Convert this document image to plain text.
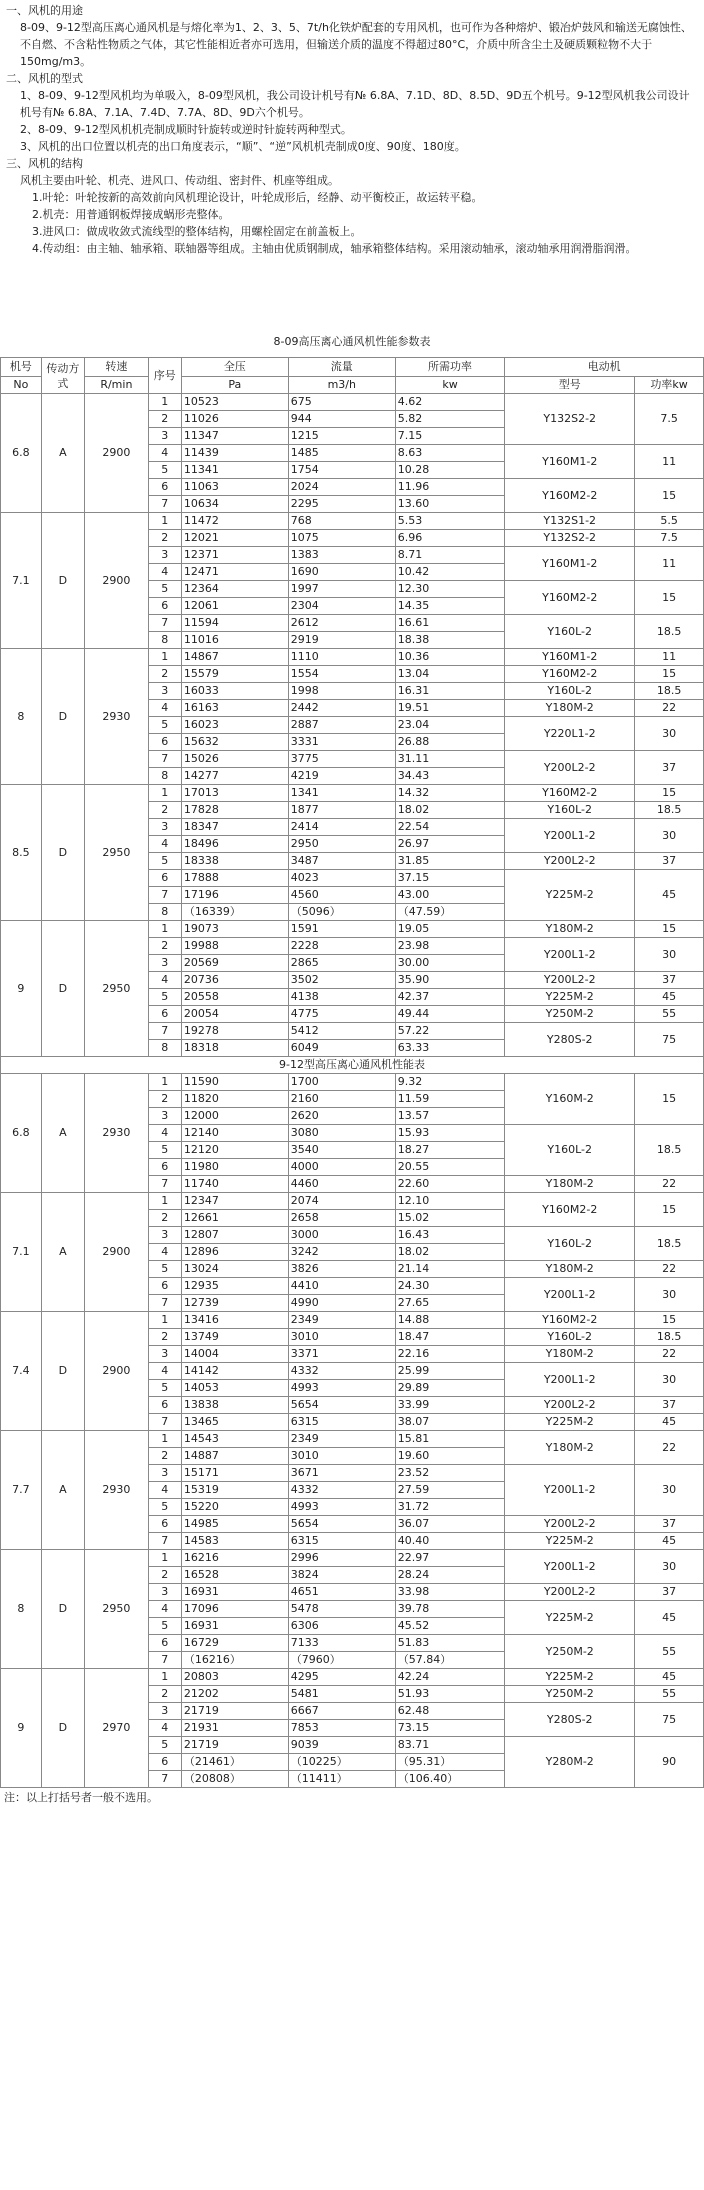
一、风机的用途

8-09、9-12型高压离心通风机是与熔化率为1、2、3、5、7t/h化铁炉配套的专用风机，也可作为各种熔炉、锻冶炉鼓风和输送无腐蚀性、不自燃、不含粘性物质之气体，其它性能相近者亦可选用，但输送介质的温度不得超过80°C，介质中所含尘土及硬质颗粒物不大于150mg/m3。

二、风机的型式

1、8-09、9-12型风机均为单吸入，8-09型风机，我公司设计机号有№ 6.8A、7.1D、8D、8.5D、9D五个机号。9-12型风机我公司设计机号有№ 6.8A、7.1A、7.4D、7.7A、8D、9D六个机号。

2、8-09、9-12型风机机壳制成顺时针旋转或逆时针旋转两种型式。

3、风机的出口位置以机壳的出口角度表示，“顺”、“逆”风机机壳制成0度、90度、180度。

三、风机的结构

风机主要由叶轮、机壳、进风口、传动组、密封件、机座等组成。

1.叶轮：叶轮按新的高效前向风机理论设计，叶轮成形后，经静、动平衡校正，故运转平稳。

2.机壳：用普通钢板焊接成蜗形壳整体。

3.进风口：做成收敛式流线型的整体结构，用螺栓固定在前盖板上。

4.传动组：由主轴、轴承箱、联轴器等组成。主轴由优质钢制成，轴承箱整体结构。采用滚动轴承，滚动轴承用润滑脂润滑。

8-09高压离心通风机性能参数表
机号	传动方式	转速	序号	全压	流量	所需功率	电动机	
No		R/min		Pa	m3/h	kw	型号	功率kw
6.8	A	2900	1	10523	675	4.62	Y132S2-2	7.5
			2	11026	944	5.82		
			3	11347	1215	7.15		
			4	11439	1485	8.63	Y160M1-2	11
			5	11341	1754	10.28		
			6	11063	2024	11.96	Y160M2-2	15
			7	10634	2295	13.60		
7.1	D	2900	1	11472	768	5.53	Y132S1-2	5.5
			2	12021	1075	6.96	Y132S2-2	7.5
			3	12371	1383	8.71	Y160M1-2	11
			4	12471	1690	10.42		
			5	12364	1997	12.30	Y160M2-2	15
			6	12061	2304	14.35		
			7	11594	2612	16.61	Y160L-2	18.5
			8	11016	2919	18.38		
8	D	2930	1	14867	1110	10.36	Y160M1-2	11
			2	15579	1554	13.04	Y160M2-2	15
			3	16033	1998	16.31	Y160L-2	18.5
			4	16163	2442	19.51	Y180M-2	22
			5	16023	2887	23.04	Y220L1-2	30
			6	15632	3331	26.88		
			7	15026	3775	31.11	Y200L2-2	37
			8	14277	4219	34.43		
8.5	D	2950	1	17013	1341	14.32	Y160M2-2	15
			2	17828	1877	18.02	Y160L-2	18.5
			3	18347	2414	22.54	Y200L1-2	30
			4	18496	2950	26.97		
			5	18338	3487	31.85	Y200L2-2	37
			6	17888	4023	37.15	Y225M-2	45
			7	17196	4560	43.00		
			8	（16339）	（5096）	（47.59）		
9	D	2950	1	19073	1591	19.05	Y180M-2	15
			2	19988	2228	23.98	Y200L1-2	30
			3	20569	2865	30.00		
			4	20736	3502	35.90	Y200L2-2	37
			5	20558	4138	42.37	Y225M-2	45
			6	20054	4775	49.44	Y250M-2	55
			7	19278	5412	57.22	Y280S-2	75
			8	18318	6049	63.33		
9-12型高压离心通风机性能表								
6.8	A	2930	1	11590	1700	9.32	Y160M-2	15
			2	11820	2160	11.59		
			3	12000	2620	13.57		
			4	12140	3080	15.93	Y160L-2	18.5
			5	12120	3540	18.27		
			6	11980	4000	20.55		
			7	11740	4460	22.60	Y180M-2	22
7.1	A	2900	1	12347	2074	12.10	Y160M2-2	15
			2	12661	2658	15.02		
			3	12807	3000	16.43	Y160L-2	18.5
			4	12896	3242	18.02		
			5	13024	3826	21.14	Y180M-2	22
			6	12935	4410	24.30	Y200L1-2	30
			7	12739	4990	27.65		
7.4	D	2900	1	13416	2349	14.88	Y160M2-2	15
			2	13749	3010	18.47	Y160L-2	18.5
			3	14004	3371	22.16	Y180M-2	22
			4	14142	4332	25.99	Y200L1-2	30
			5	14053	4993	29.89		
			6	13838	5654	33.99	Y200L2-2	37
			7	13465	6315	38.07	Y225M-2	45
7.7	A	2930	1	14543	2349	15.81	Y180M-2	22
			2	14887	3010	19.60		
			3	15171	3671	23.52	Y200L1-2	30
			4	15319	4332	27.59		
			5	15220	4993	31.72		
			6	14985	5654	36.07	Y200L2-2	37
			7	14583	6315	40.40	Y225M-2	45
8	D	2950	1	16216	2996	22.97	Y200L1-2	30
			2	16528	3824	28.24		
			3	16931	4651	33.98	Y200L2-2	37
			4	17096	5478	39.78	Y225M-2	45
			5	16931	6306	45.52		
			6	16729	7133	51.83	Y250M-2	55
			7	（16216）	（7960）	（57.84）		
9	D	2970	1	20803	4295	42.24	Y225M-2	45
			2	21202	5481	51.93	Y250M-2	55
			3	21719	6667	62.48	Y280S-2	75
			4	21931	7853	73.15		
			5	21719	9039	83.71	Y280M-2	90
			6	（21461）	（10225）	（95.31）		
			7	（20808）	（11411）	（106.40）		
注：以上打括号者一般不选用。
